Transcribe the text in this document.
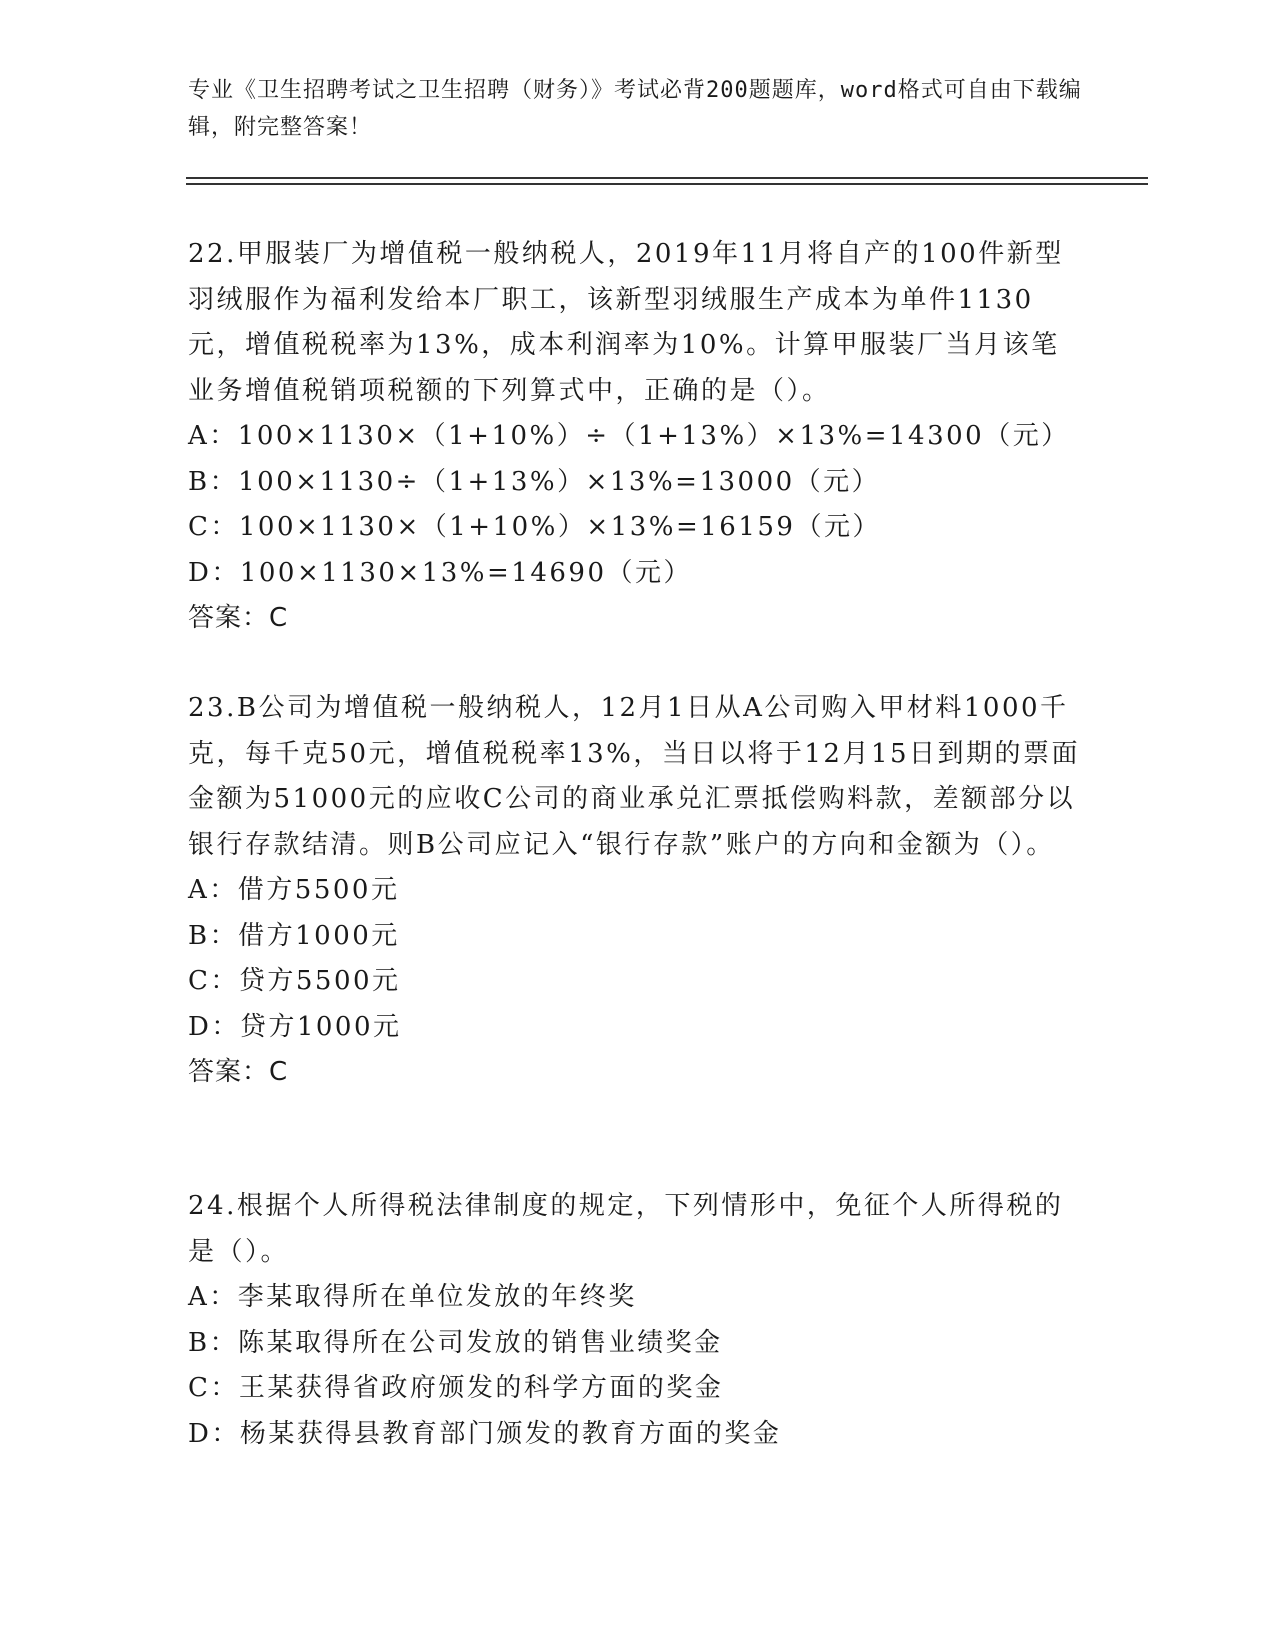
专业《卫生招聘考试之卫生招聘（财务）》考试必背200题题库，word格式可自由下载编辑，附完整答案！

22.甲服装厂为增值税一般纳税人，2019年11月将自产的100件新型羽绒服作为福利发给本厂职工，该新型羽绒服生产成本为单件1130元，增值税税率为13%，成本利润率为10%。计算甲服装厂当月该笔业务增值税销项税额的下列算式中，正确的是（）。

A：100×1130×（1+10%）÷（1+13%）×13%=14300（元）

B：100×1130÷（1+13%）×13%=13000（元）

C：100×1130×（1+10%）×13%=16159（元）

D：100×1130×13%=14690（元）

答案：C

23.B公司为增值税一般纳税人，12月1日从A公司购入甲材料1000千克，每千克50元，增值税税率13%，当日以将于12月15日到期的票面金额为51000元的应收C公司的商业承兑汇票抵偿购料款，差额部分以银行存款结清。则B公司应记入“银行存款”账户的方向和金额为（）。

A：借方5500元

B：借方1000元

C：贷方5500元

D：贷方1000元

答案：C

24.根据个人所得税法律制度的规定，下列情形中，免征个人所得税的是（）。

A：李某取得所在单位发放的年终奖

B：陈某取得所在公司发放的销售业绩奖金

C：王某获得省政府颁发的科学方面的奖金

D：杨某获得县教育部门颁发的教育方面的奖金
